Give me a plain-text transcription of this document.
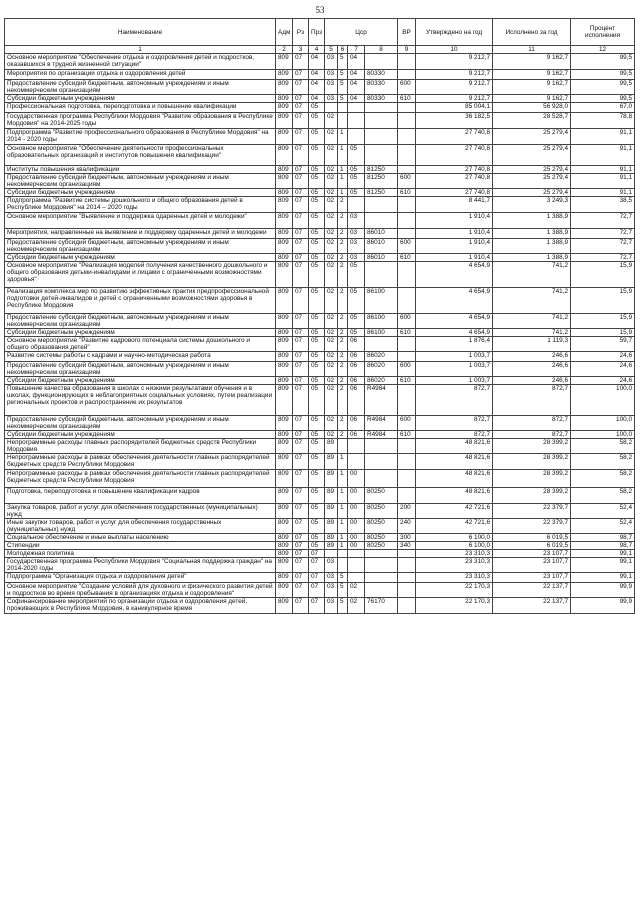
53
Наименование	Адм	Рз	Прз	Цср				ВР	Утверждено на год	Исполнено за год	Процент исполнения
1	2	3	4	5	6	7	8	9	10	11	12
Основное мероприятие "Обеспечение отдыха и оздоровления детей и подростков, оказавшихся в трудной жизненной ситуации"	809	07	04	03	5	04			9 212,7	9 162,7	99,5
Мероприятия по организации отдыха и оздоровления детей	809	07	04	03	5	04	80330		9 212,7	9 162,7	99,5
Предоставление субсидий бюджетным, автономным учреждениям и иным некоммерческим организациям	809	07	04	03	5	04	80330	600	9 212,7	9 162,7	99,5
Субсидии бюджетным учреждениям	809	07	04	03	5	04	80330	610	9 212,7	9 162,7	99,5
Профессиональная подготовка, переподготовка и повышение квалификации	809	07	05						85 004,1	56 928,0	67,0
Государственная программа Республики Мордовия "Развитие образования в Республике Мордовия" на 2014-2025 годы	809	07	05	02					36 182,5	28 528,7	78,8
Подпрограмма "Развитие профессионального образования в Республике Мордовия" на 2014 - 2020 годы	809	07	05	02	1				27 740,8	25 279,4	91,1
Основное мероприятие "Обеспечение деятельности профессиональных образовательных организаций и институтов повышения квалификации"	809	07	05	02	1	05			27 740,8	25 279,4	91,1
Институты повышения квалификации	809	07	05	02	1	05	81250		27 740,8	25 279,4	91,1
Предоставление субсидий бюджетным, автономным учреждениям и иным некоммерческим организациям	809	07	05	02	1	05	81250	600	27 740,8	25 279,4	91,1
Субсидии бюджетным учреждениям	809	07	05	02	1	05	81250	610	27 740,8	25 279,4	91,1
Подпрограмма "Развитие системы дошкольного и общего образования детей в Республике Мордовия" на 2014 – 2020 годы	809	07	05	02	2				8 441,7	3 249,3	38,5
Основное мероприятие "Выявление и поддержка одаренных детей и молодежи"	809	07	05	02	2	03			1 910,4	1 388,9	72,7
Мероприятия, направленные на выявление и поддержку одаренных детей и молодежи	809	07	05	02	2	03	86010		1 910,4	1 388,9	72,7
Предоставление субсидий бюджетным, автономным учреждениям и иным некоммерческим организациям	809	07	05	02	2	03	86010	600	1 910,4	1 388,9	72,7
Субсидии бюджетным учреждениям	809	07	05	02	2	03	86010	610	1 910,4	1 388,9	72,7
Основное мероприятие "Реализация моделей получения качественного дошкольного и общего образования детьми-инвалидами и лицами с ограниченными возможностями здоровья"	809	07	05	02	2	05			4 654,9	741,2	15,9
Реализация комплекса мер по развитию эффективных практик предпрофессиональной подготовки детей-инвалидов и детей с ограниченными возможностями здоровья в Республике Мордовия	809	07	05	02	2	05	86100		4 654,9	741,2	15,9
Предоставление субсидий бюджетным, автономным учреждениям и иным некоммерческим организациям	809	07	05	02	2	05	86100	600	4 654,9	741,2	15,9
Субсидии бюджетным учреждениям	809	07	05	02	2	05	86100	610	4 654,9	741,2	15,9
Основное мероприятие "Развитие кадрового потенциала системы дошкольного и общего образования детей"	809	07	05	02	2	06			1 876,4	1 119,3	59,7
Развитие системы работы с кадрами и научно-методическая работа	809	07	05	02	2	06	86020		1 003,7	246,6	24,6
Предоставление субсидий бюджетным, автономным учреждениям и иным некоммерческим организациям	809	07	05	02	2	06	86020	600	1 003,7	246,6	24,6
Субсидии бюджетным учреждениям	809	07	05	02	2	06	86020	610	1 003,7	246,6	24,6
Повышение качества образования в школах с низкими результатами обучения и в школах, функционирующих в неблагоприятных социальных условиях, путем реализации региональных проектов и распространение их результатов	809	07	05	02	2	06	R4984		872,7	872,7	100,0
Предоставление субсидий бюджетным, автономным учреждениям и иным некоммерческим организациям	809	07	05	02	2	06	R4984	600	872,7	872,7	100,0
Субсидии бюджетным учреждениям	809	07	05	02	2	06	R4984	610	872,7	872,7	100,0
Непрограммные расходы главных распорядителей бюджетных средств Республики Мордовия	809	07	05	89					48 821,6	28 399,2	58,2
Непрограммные расходы в рамках обеспечения деятельности главных распорядителей бюджетных средств Республики Мордовия	809	07	05	89	1				48 821,6	28 399,2	58,2
Непрограммные расходы в рамках обеспечения деятельности главных распорядителей бюджетных средств Республики Мордовия	809	07	05	89	1	00			48 821,6	28 399,2	58,2
Подготовка, переподготовка и повышение квалификации кадров	809	07	05	89	1	00	80250		48 821,6	28 399,2	58,2
Закупка товаров, работ и услуг для обеспечения государственных (муниципальных) нужд	809	07	05	89	1	00	80250	200	42 721,6	22 379,7	52,4
Иные закупки товаров, работ и услуг для обеспечения государственных (муниципальных) нужд	809	07	05	89	1	00	80250	240	42 721,6	22 379,7	52,4
Социальное обеспечение и иные выплаты населению	809	07	05	89	1	00	80250	300	6 100,0	6 019,5	98,7
Стипендии	809	07	05	89	1	00	80250	340	6 100,0	6 019,5	98,7
Молодежная политика	809	07	07						23 310,3	23 107,7	99,1
Государственная программа Республики Мордовия "Социальная поддержка граждан" на 2014-2020 годы	809	07	07	03					23 310,3	23 107,7	99,1
Подпрограмма "Организация отдыха и оздоровления детей"	809	07	07	03	5				23 310,3	23 107,7	99,1
Основное мероприятие "Создание условий для духовного и физического развития детей и подростков во время пребывания в организациях отдыха и оздоровления"	809	07	07	03	5	02			22 170,3	22 137,7	99,9
Софинансирование мероприятий по организации отдыха и оздоровления детей, проживающих в Республике Мордовия, в каникулярное время	809	07	07	03	5	02	76170		22 170,3	22 137,7	99,9
